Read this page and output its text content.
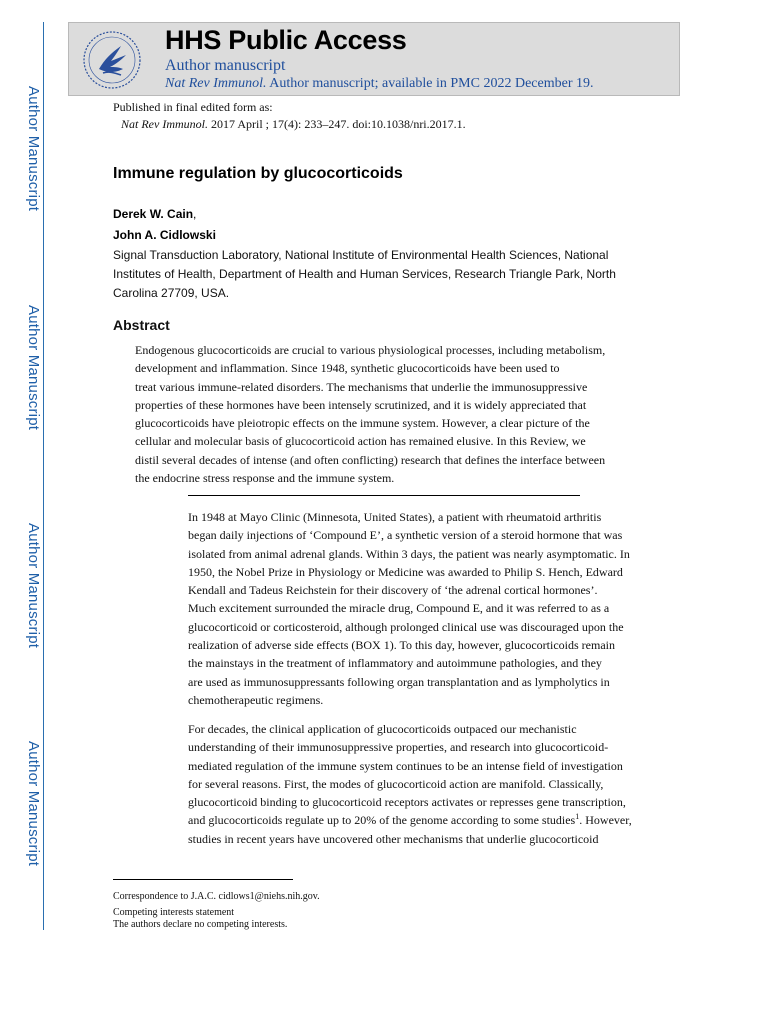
Author Manuscript
Author Manuscript
Author Manuscript
Author Manuscript
HHS Public Access
Author manuscript
Nat Rev Immunol. Author manuscript; available in PMC 2022 December 19.
Published in final edited form as:
Nat Rev Immunol. 2017 April ; 17(4): 233–247. doi:10.1038/nri.2017.1.
Immune regulation by glucocorticoids
Derek W. Cain,
John A. Cidlowski
Signal Transduction Laboratory, National Institute of Environmental Health Sciences, National Institutes of Health, Department of Health and Human Services, Research Triangle Park, North Carolina 27709, USA.
Abstract
Endogenous glucocorticoids are crucial to various physiological processes, including metabolism,
development and inflammation. Since 1948, synthetic glucocorticoids have been used to
treat various immune-related disorders. The mechanisms that underlie the immunosuppressive
properties of these hormones have been intensely scrutinized, and it is widely appreciated that
glucocorticoids have pleiotropic effects on the immune system. However, a clear picture of the
cellular and molecular basis of glucocorticoid action has remained elusive. In this Review, we
distil several decades of intense (and often conflicting) research that defines the interface between
the endocrine stress response and the immune system.
In 1948 at Mayo Clinic (Minnesota, United States), a patient with rheumatoid arthritis
began daily injections of ‘Compound E’, a synthetic version of a steroid hormone that was
isolated from animal adrenal glands. Within 3 days, the patient was nearly asymptomatic. In
1950, the Nobel Prize in Physiology or Medicine was awarded to Philip S. Hench, Edward
Kendall and Tadeus Reichstein for their discovery of ‘the adrenal cortical hormones’.
Much excitement surrounded the miracle drug, Compound E, and it was referred to as a
glucocorticoid or corticosteroid, although prolonged clinical use was discouraged upon the
realization of adverse side effects (BOX 1). To this day, however, glucocorticoids remain
the mainstays in the treatment of inflammatory and autoimmune pathologies, and they
are used as immunosuppressants following organ transplantation and as lympholytics in
chemotherapeutic regimens.
For decades, the clinical application of glucocorticoids outpaced our mechanistic
understanding of their immunosuppressive properties, and research into glucocorticoid-
mediated regulation of the immune system continues to be an intense field of investigation
for several reasons. First, the modes of glucocorticoid action are manifold. Classically,
glucocorticoid binding to glucocorticoid receptors activates or represses gene transcription,
and glucocorticoids regulate up to 20% of the genome according to some studies$^1$. However,
studies in recent years have uncovered other mechanisms that underlie glucocorticoid
Correspondence to J.A.C. cidlows1@niehs.nih.gov.
Competing interests statement
The authors declare no competing interests.
